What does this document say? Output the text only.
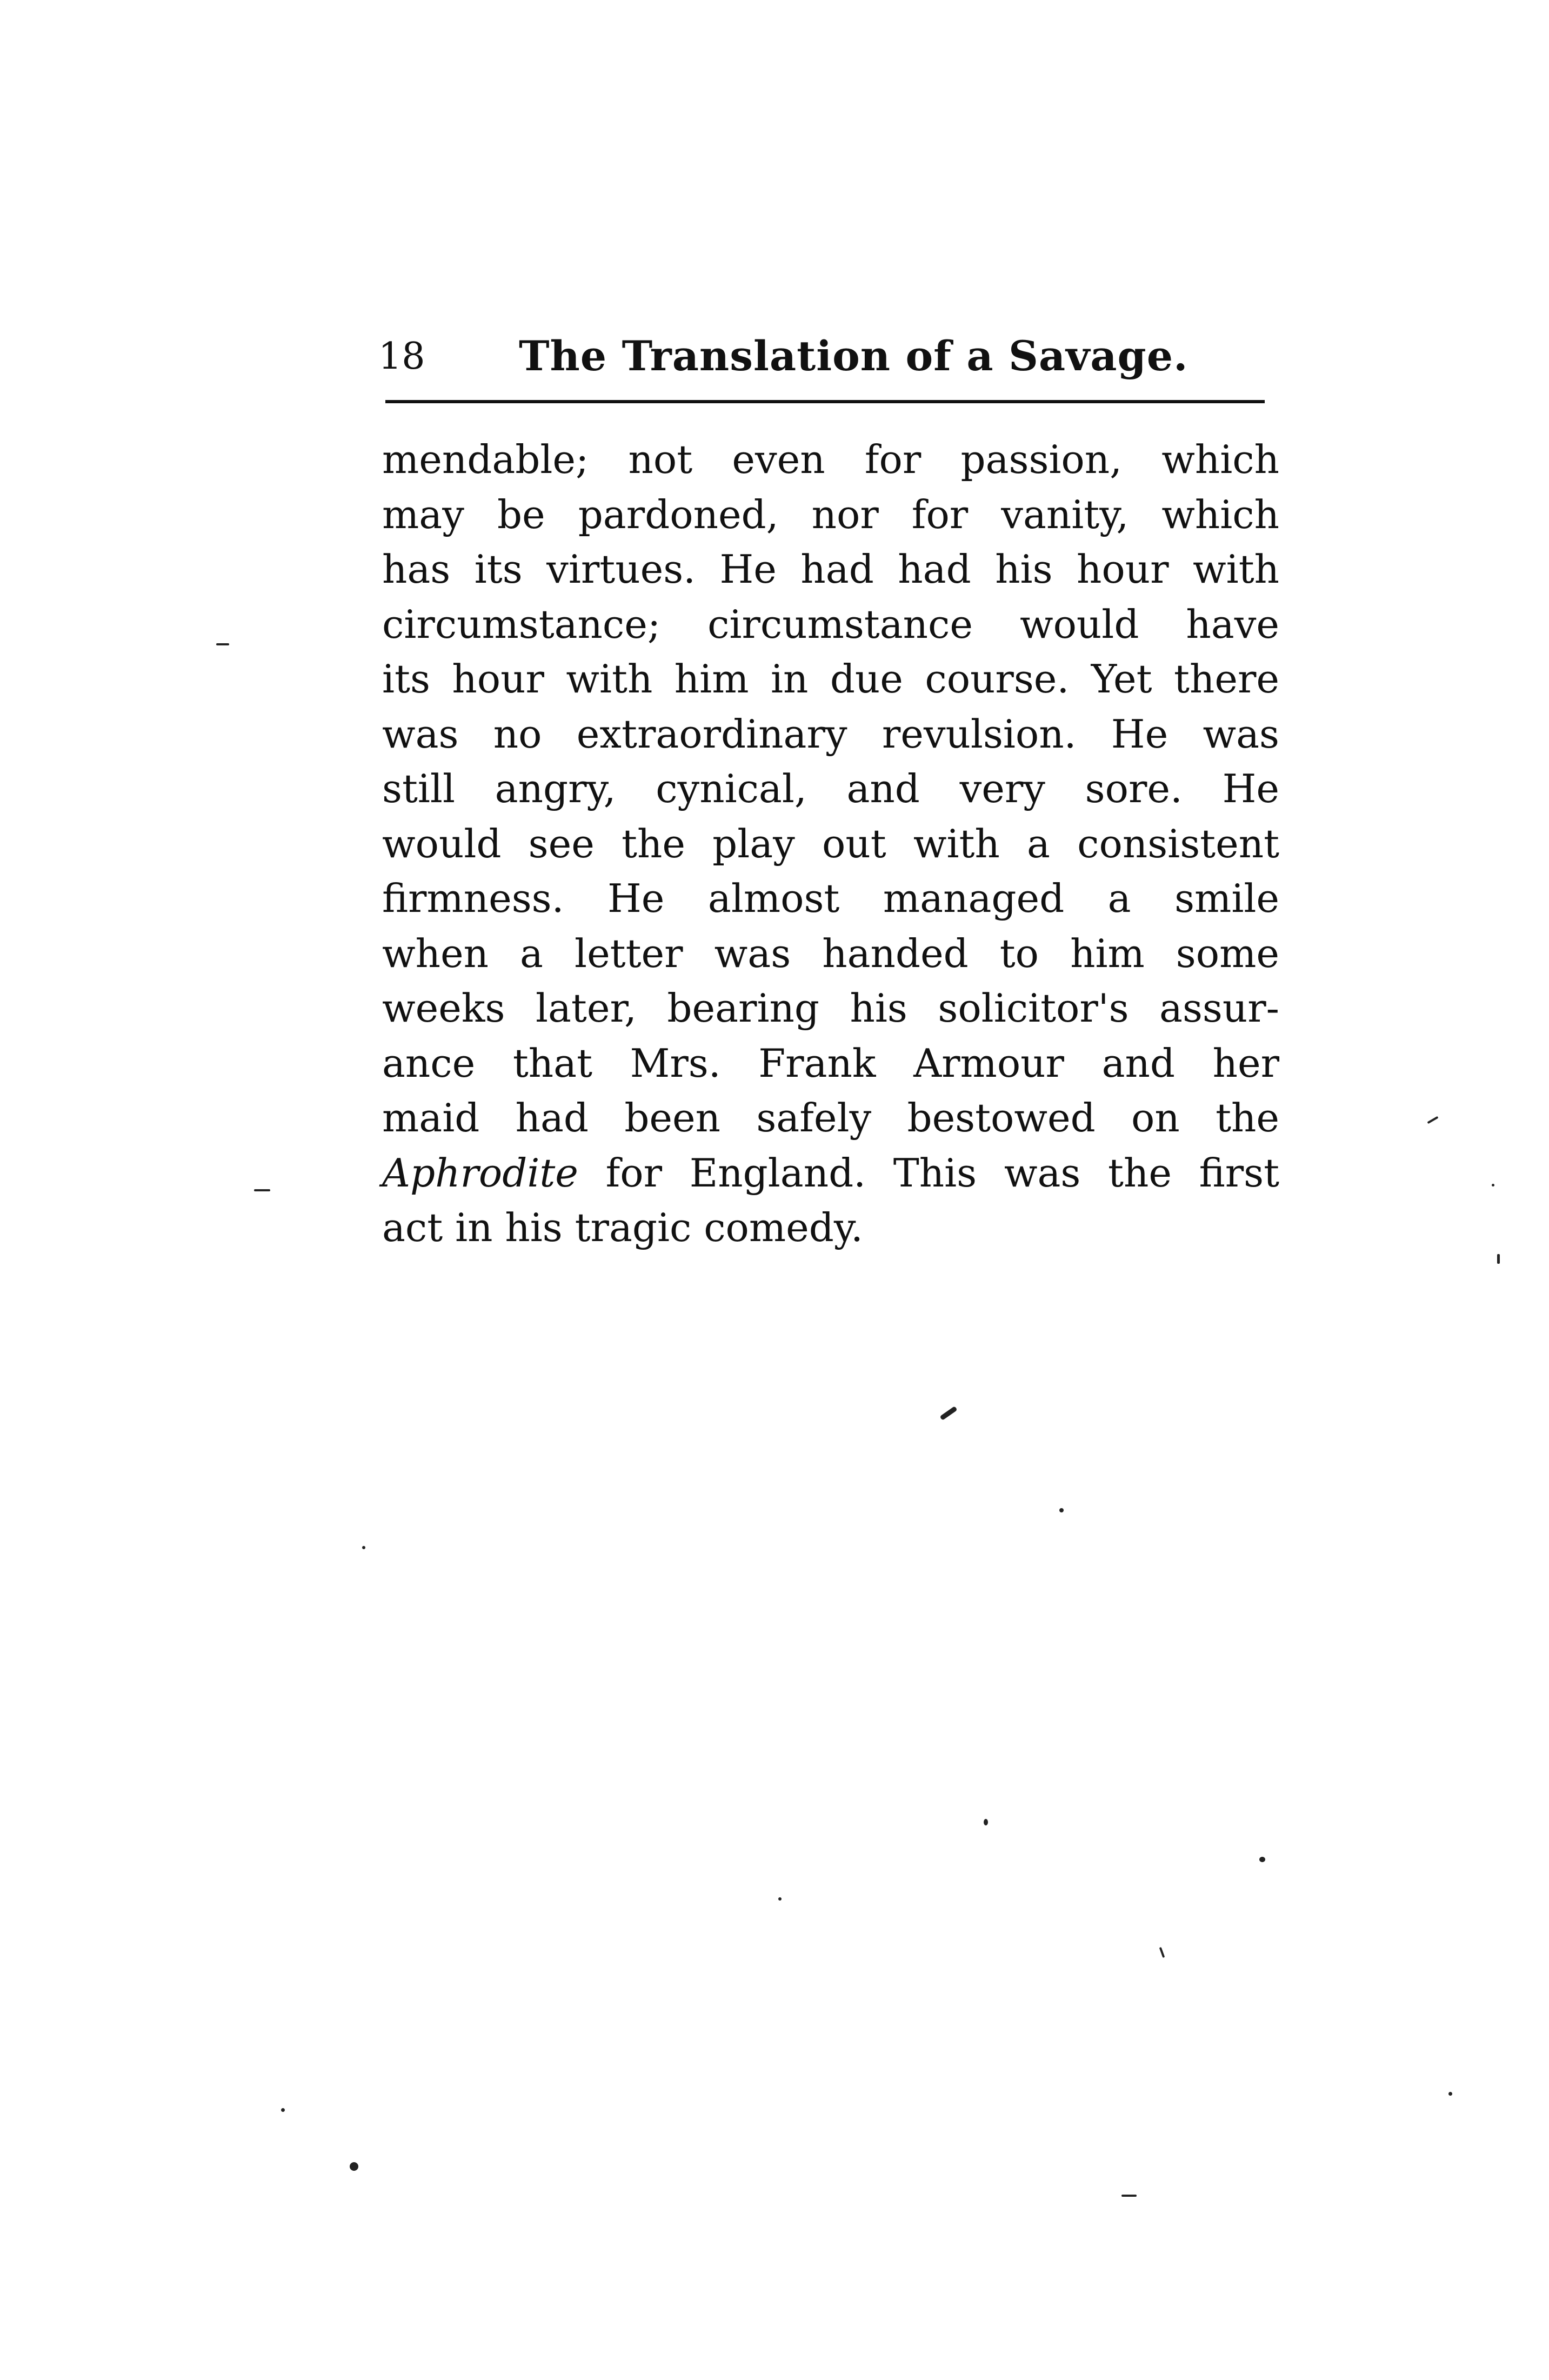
18 The Translation of a Savage.
mendable; not even for passion, which
may be pardoned, nor for vanity, which
has its virtues. He had had his hour with
circumstance; circumstance would have
its hour with him in due course. Yet there
was no extraordinary revulsion. He was
still angry, cynical, and very sore. He
would see the play out with a consistent
firmness. He almost managed a smile
when a letter was handed to him some
weeks later, bearing his solicitor's assur-
ance that Mrs. Frank Armour and her
maid had been safely bestowed on the
Aphrodite for England. This was the first
act in his tragic comedy.
